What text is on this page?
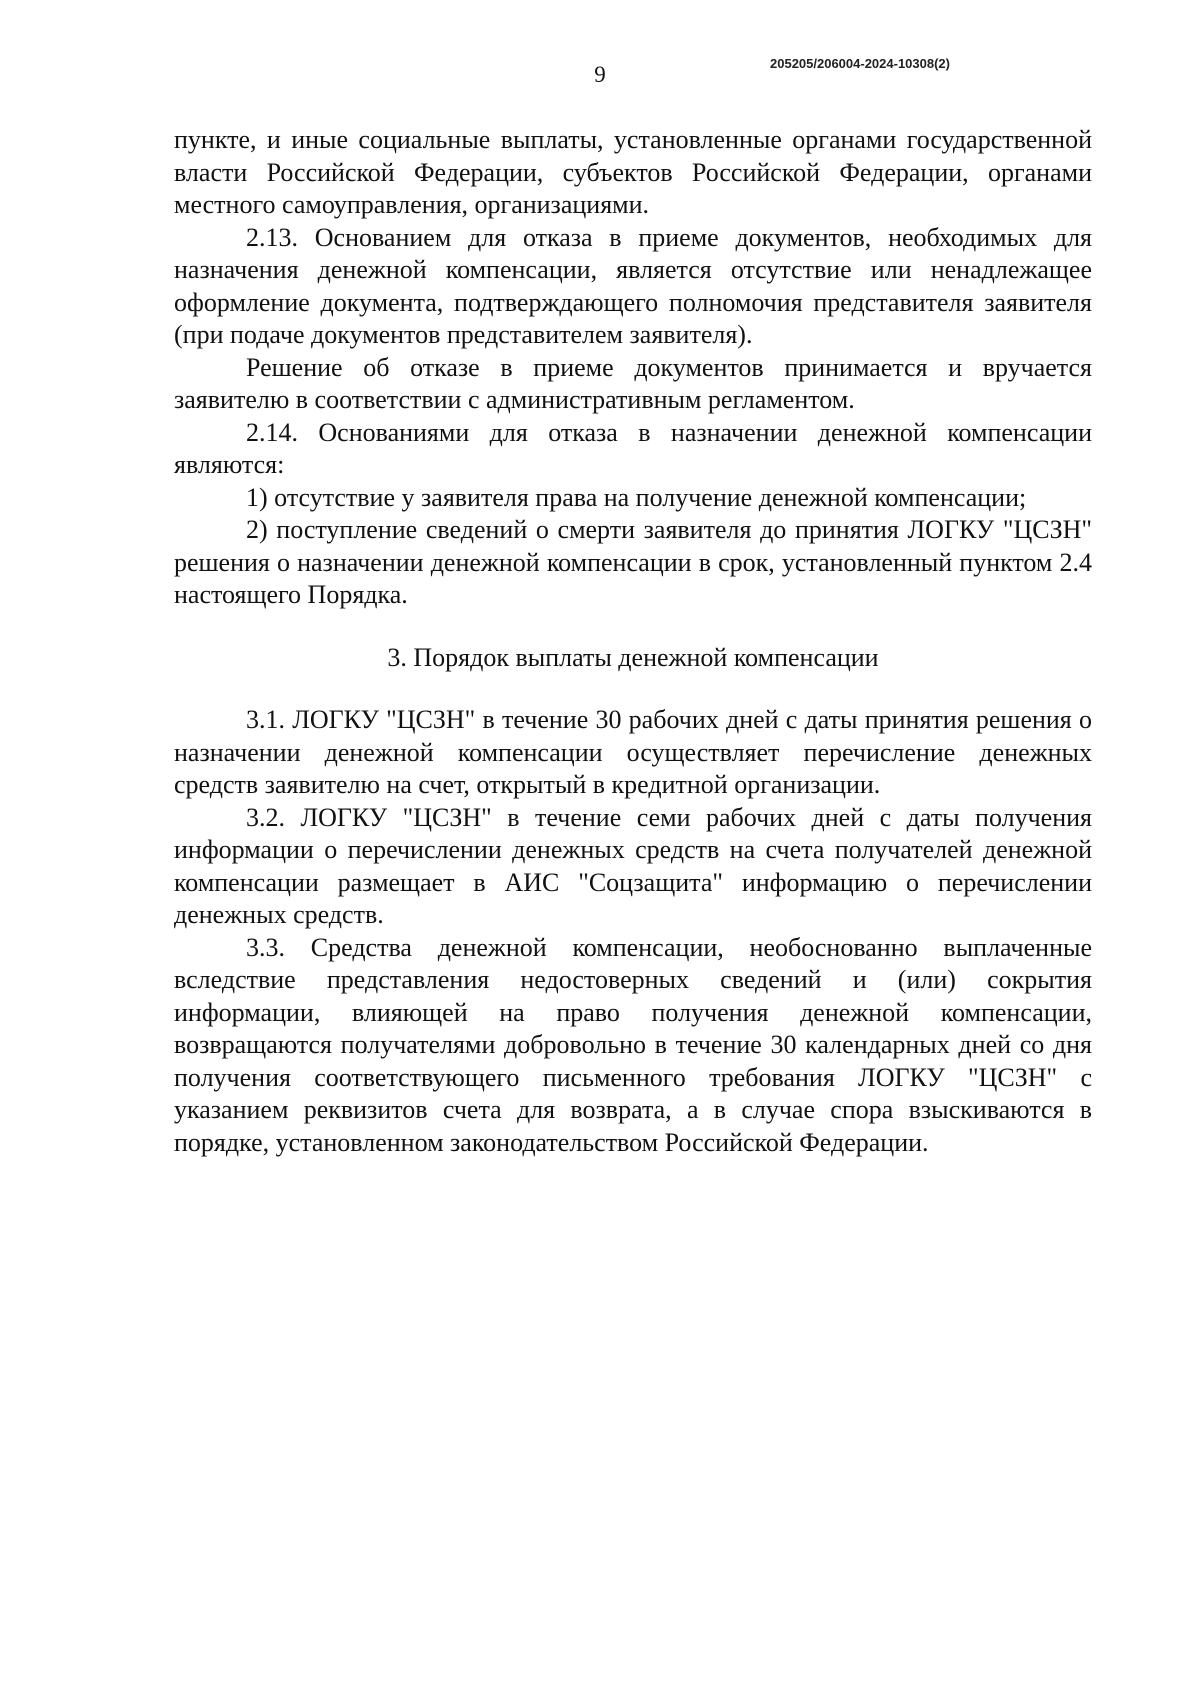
205205/206004-2024-10308(2)
9

пункте, и иные социальные выплаты, установленные органами государственной власти Российской Федерации, субъектов Российской Федерации, органами местного самоуправления, организациями.

2.13. Основанием для отказа в приеме документов, необходимых для назначения денежной компенсации, является отсутствие или ненадлежащее оформление документа, подтверждающего полномочия представителя заявителя (при подаче документов представителем заявителя).

Решение об отказе в приеме документов принимается и вручается заявителю в соответствии с административным регламентом.

2.14. Основаниями для отказа в назначении денежной компенсации являются:

1) отсутствие у заявителя права на получение денежной компенсации;

2) поступление сведений о смерти заявителя до принятия ЛОГКУ "ЦСЗН" решения о назначении денежной компенсации в срок, установленный пунктом 2.4 настоящего Порядка.

3. Порядок выплаты денежной компенсации

3.1. ЛОГКУ "ЦСЗН" в течение 30 рабочих дней с даты принятия решения о назначении денежной компенсации осуществляет перечисление денежных средств заявителю на счет, открытый в кредитной организации.

3.2. ЛОГКУ "ЦСЗН" в течение семи рабочих дней с даты получения информации о перечислении денежных средств на счета получателей денежной компенсации размещает в АИС "Соцзащита" информацию о перечислении денежных средств.

3.3. Средства денежной компенсации, необоснованно выплаченные вследствие представления недостоверных сведений и (или) сокрытия информации, влияющей на право получения денежной компенсации, возвращаются получателями добровольно в течение 30 календарных дней со дня получения соответствующего письменного требования ЛОГКУ "ЦСЗН" с указанием реквизитов счета для возврата, а в случае спора взыскиваются в порядке, установленном законодательством Российской Федерации.
